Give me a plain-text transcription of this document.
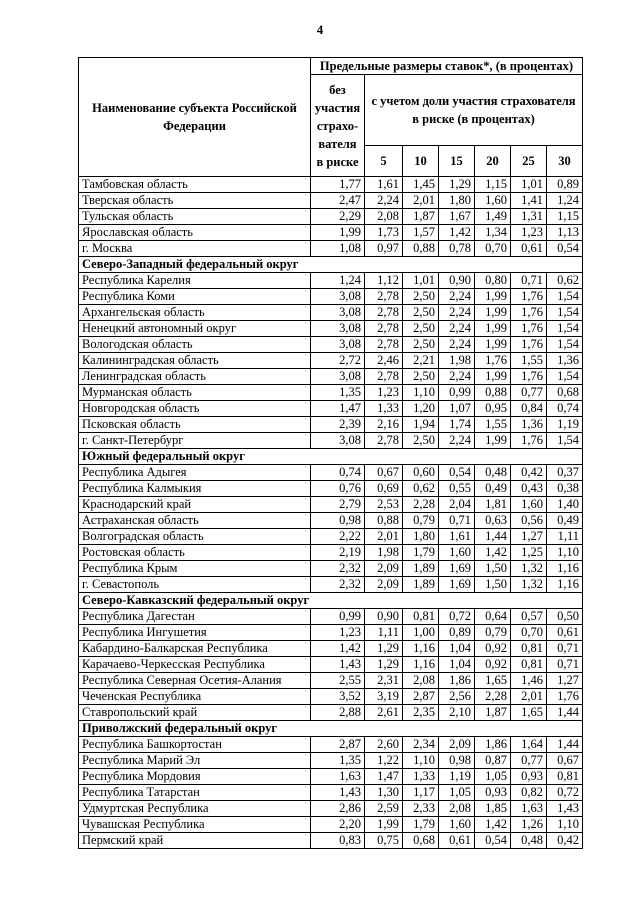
4
Наименование субъекта Российской Федерации	Предельные размеры ставок*, (в процентах)						
	без участия страхо-вателя в риске	с учетом доли участия страхователя в риске (в процентах)					
		5	10	15	20	25	30
Тамбовская область	1,77	1,61	1,45	1,29	1,15	1,01	0,89
Тверская область	2,47	2,24	2,01	1,80	1,60	1,41	1,24
Тульская область	2,29	2,08	1,87	1,67	1,49	1,31	1,15
Ярославская область	1,99	1,73	1,57	1,42	1,34	1,23	1,13
г. Москва	1,08	0,97	0,88	0,78	0,70	0,61	0,54
Северо-Западный федеральный округ							
Республика Карелия	1,24	1,12	1,01	0,90	0,80	0,71	0,62
Республика Коми	3,08	2,78	2,50	2,24	1,99	1,76	1,54
Архангельская область	3,08	2,78	2,50	2,24	1,99	1,76	1,54
Ненецкий автономный округ	3,08	2,78	2,50	2,24	1,99	1,76	1,54
Вологодская область	3,08	2,78	2,50	2,24	1,99	1,76	1,54
Калининградская область	2,72	2,46	2,21	1,98	1,76	1,55	1,36
Ленинградская область	3,08	2,78	2,50	2,24	1,99	1,76	1,54
Мурманская область	1,35	1,23	1,10	0,99	0,88	0,77	0,68
Новгородская область	1,47	1,33	1,20	1,07	0,95	0,84	0,74
Псковская область	2,39	2,16	1,94	1,74	1,55	1,36	1,19
г. Санкт-Петербург	3,08	2,78	2,50	2,24	1,99	1,76	1,54
Южный федеральный округ							
Республика Адыгея	0,74	0,67	0,60	0,54	0,48	0,42	0,37
Республика Калмыкия	0,76	0,69	0,62	0,55	0,49	0,43	0,38
Краснодарский край	2,79	2,53	2,28	2,04	1,81	1,60	1,40
Астраханская область	0,98	0,88	0,79	0,71	0,63	0,56	0,49
Волгоградская область	2,22	2,01	1,80	1,61	1,44	1,27	1,11
Ростовская область	2,19	1,98	1,79	1,60	1,42	1,25	1,10
Республика Крым	2,32	2,09	1,89	1,69	1,50	1,32	1,16
г. Севастополь	2,32	2,09	1,89	1,69	1,50	1,32	1,16
Северо-Кавказский федеральный округ							
Республика Дагестан	0,99	0,90	0,81	0,72	0,64	0,57	0,50
Республика Ингушетия	1,23	1,11	1,00	0,89	0,79	0,70	0,61
Кабардино-Балкарская Республика	1,42	1,29	1,16	1,04	0,92	0,81	0,71
Карачаево-Черкесская Республика	1,43	1,29	1,16	1,04	0,92	0,81	0,71
Республика Северная Осетия-Алания	2,55	2,31	2,08	1,86	1,65	1,46	1,27
Чеченская Республика	3,52	3,19	2,87	2,56	2,28	2,01	1,76
Ставропольский край	2,88	2,61	2,35	2,10	1,87	1,65	1,44
Приволжский федеральный округ							
Республика Башкортостан	2,87	2,60	2,34	2,09	1,86	1,64	1,44
Республика Марий Эл	1,35	1,22	1,10	0,98	0,87	0,77	0,67
Республика Мордовия	1,63	1,47	1,33	1,19	1,05	0,93	0,81
Республика Татарстан	1,43	1,30	1,17	1,05	0,93	0,82	0,72
Удмуртская Республика	2,86	2,59	2,33	2,08	1,85	1,63	1,43
Чувашская Республика	2,20	1,99	1,79	1,60	1,42	1,26	1,10
Пермский край	0,83	0,75	0,68	0,61	0,54	0,48	0,42
